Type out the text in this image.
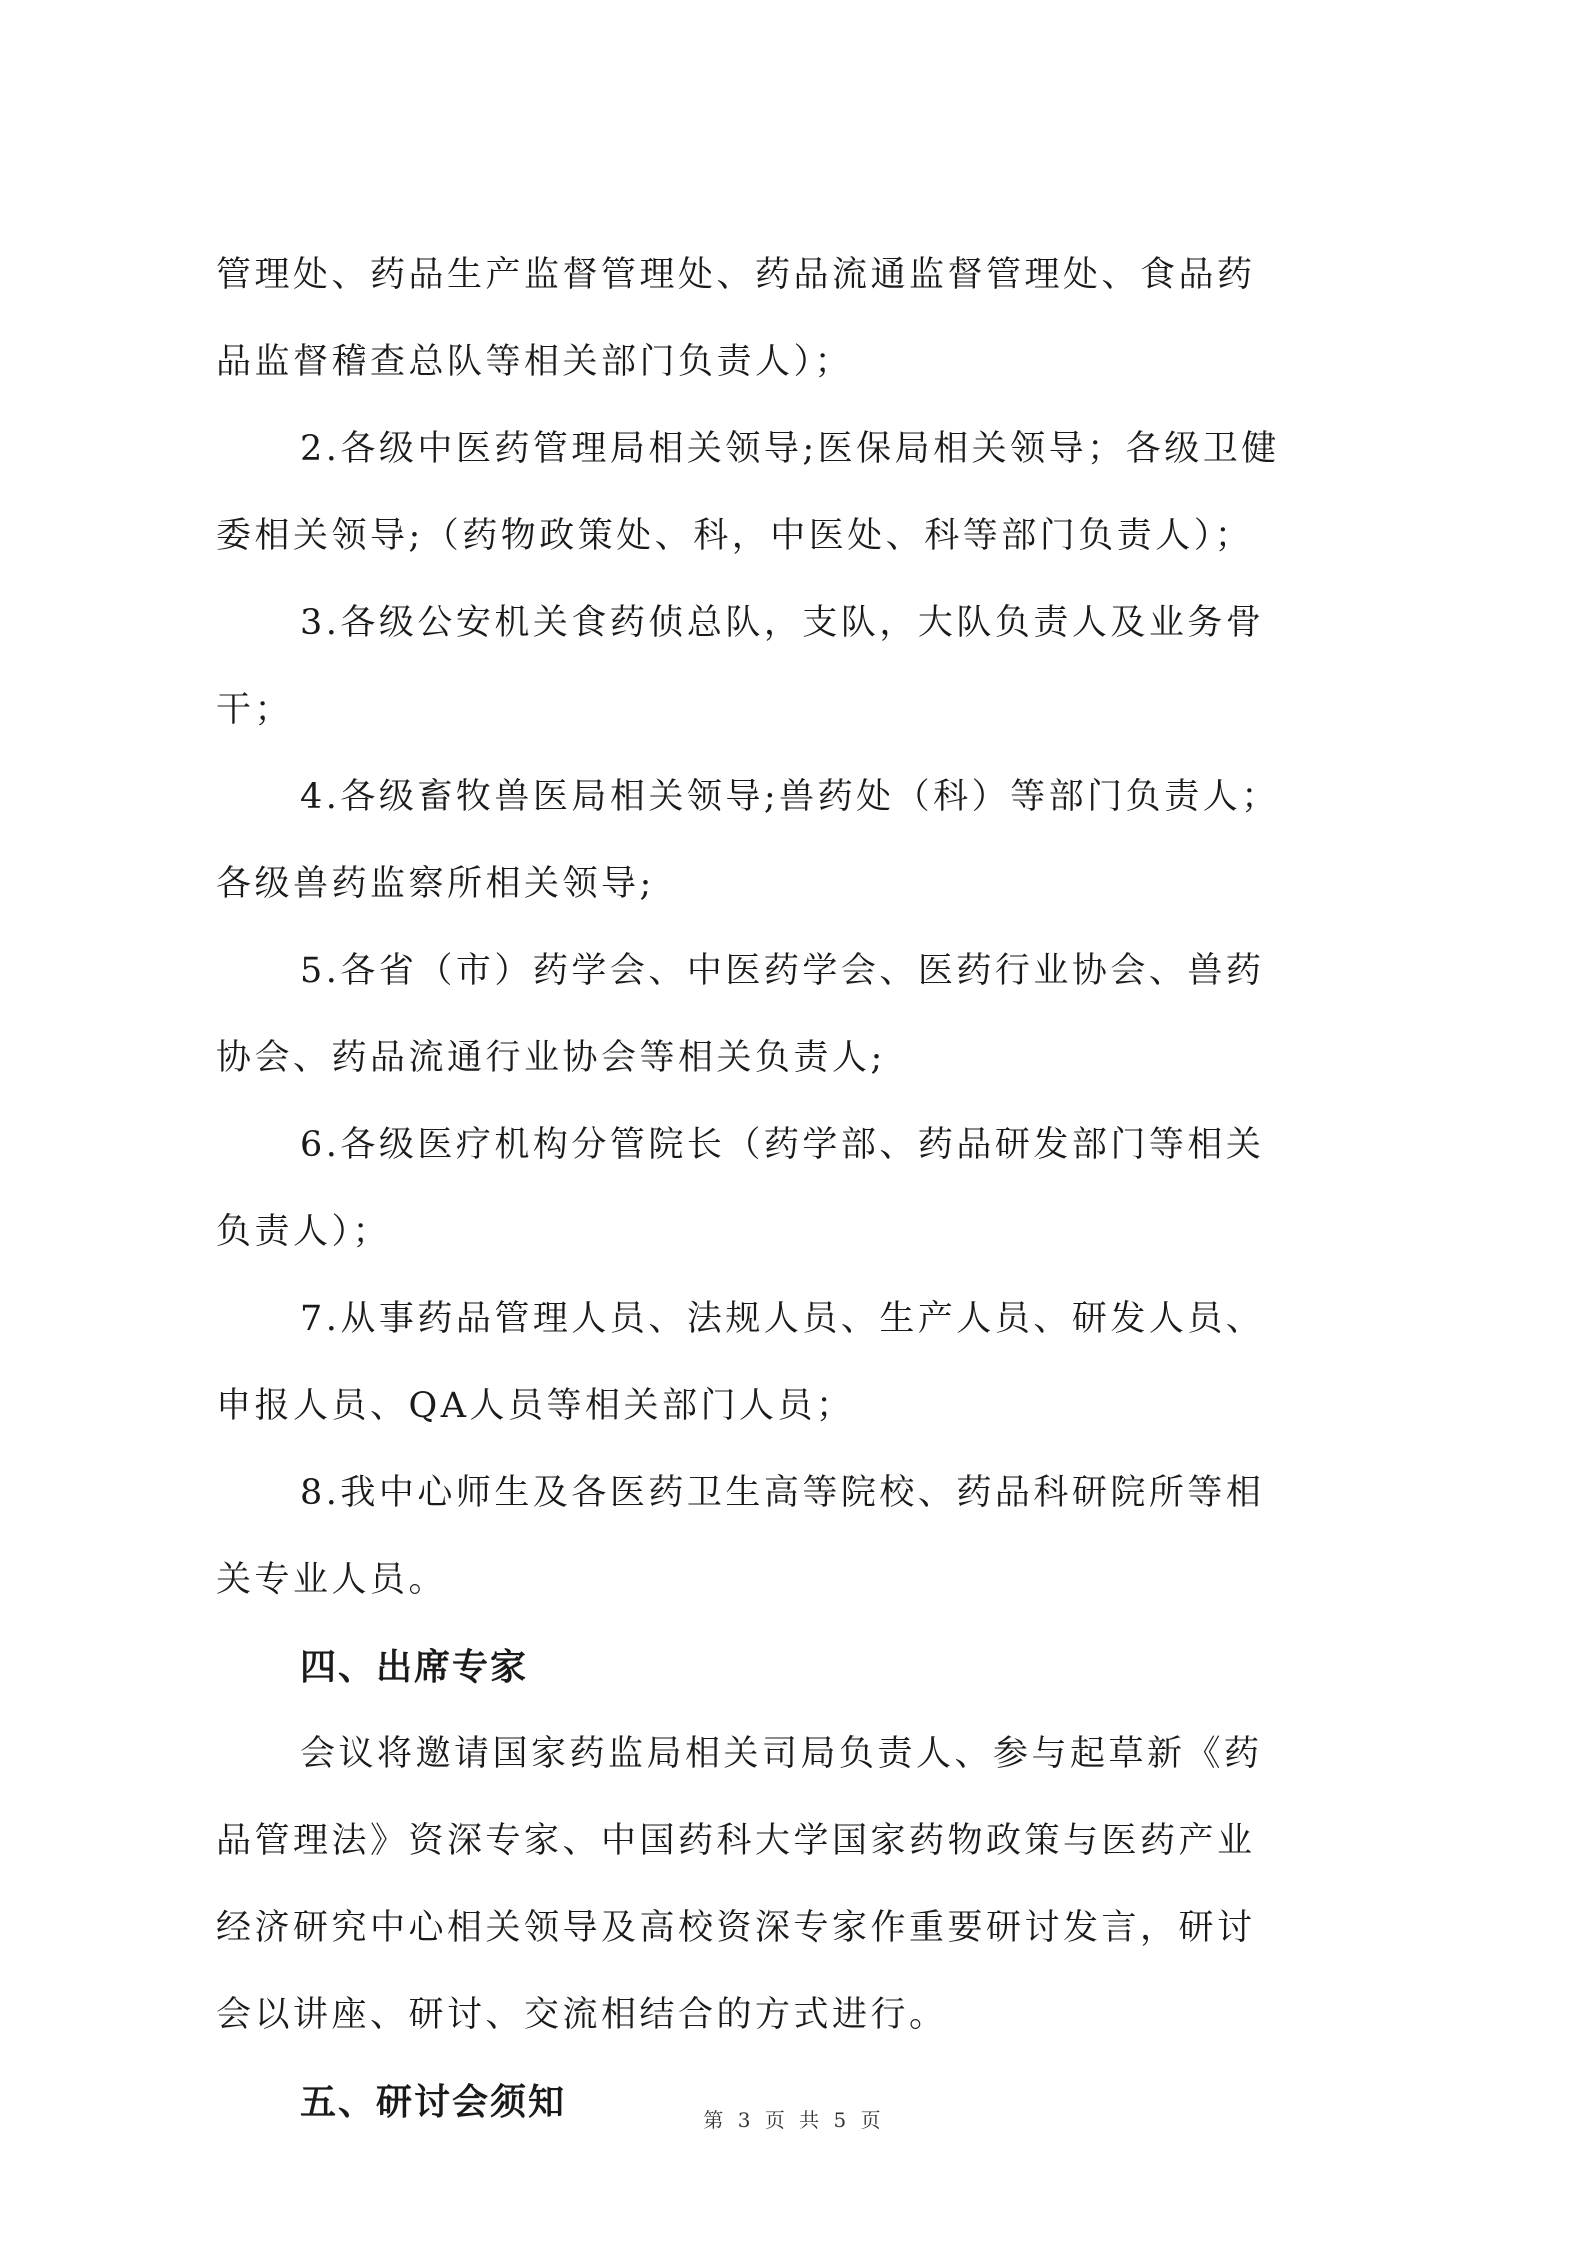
管理处、药品生产监督管理处、药品流通监督管理处、食品药

品监督稽查总队等相关部门负责人）；

2.各级中医药管理局相关领导;医保局相关领导；各级卫健

委相关领导;（药物政策处、科，中医处、科等部门负责人）；

3.各级公安机关食药侦总队，支队，大队负责人及业务骨

干；

4.各级畜牧兽医局相关领导;兽药处（科）等部门负责人；

各级兽药监察所相关领导;

5.各省（市）药学会、中医药学会、医药行业协会、兽药

协会、药品流通行业协会等相关负责人;

6.各级医疗机构分管院长（药学部、药品研发部门等相关

负责人）；

7.从事药品管理人员、法规人员、生产人员、研发人员、

申报人员、QA人员等相关部门人员；

8.我中心师生及各医药卫生高等院校、药品科研院所等相

关专业人员。

四、出席专家

会议将邀请国家药监局相关司局负责人、参与起草新《药

品管理法》资深专家、中国药科大学国家药物政策与医药产业

经济研究中心相关领导及高校资深专家作重要研讨发言，研讨

会以讲座、研讨、交流相结合的方式进行。

五、研讨会须知	第 3 页 共 5 页
